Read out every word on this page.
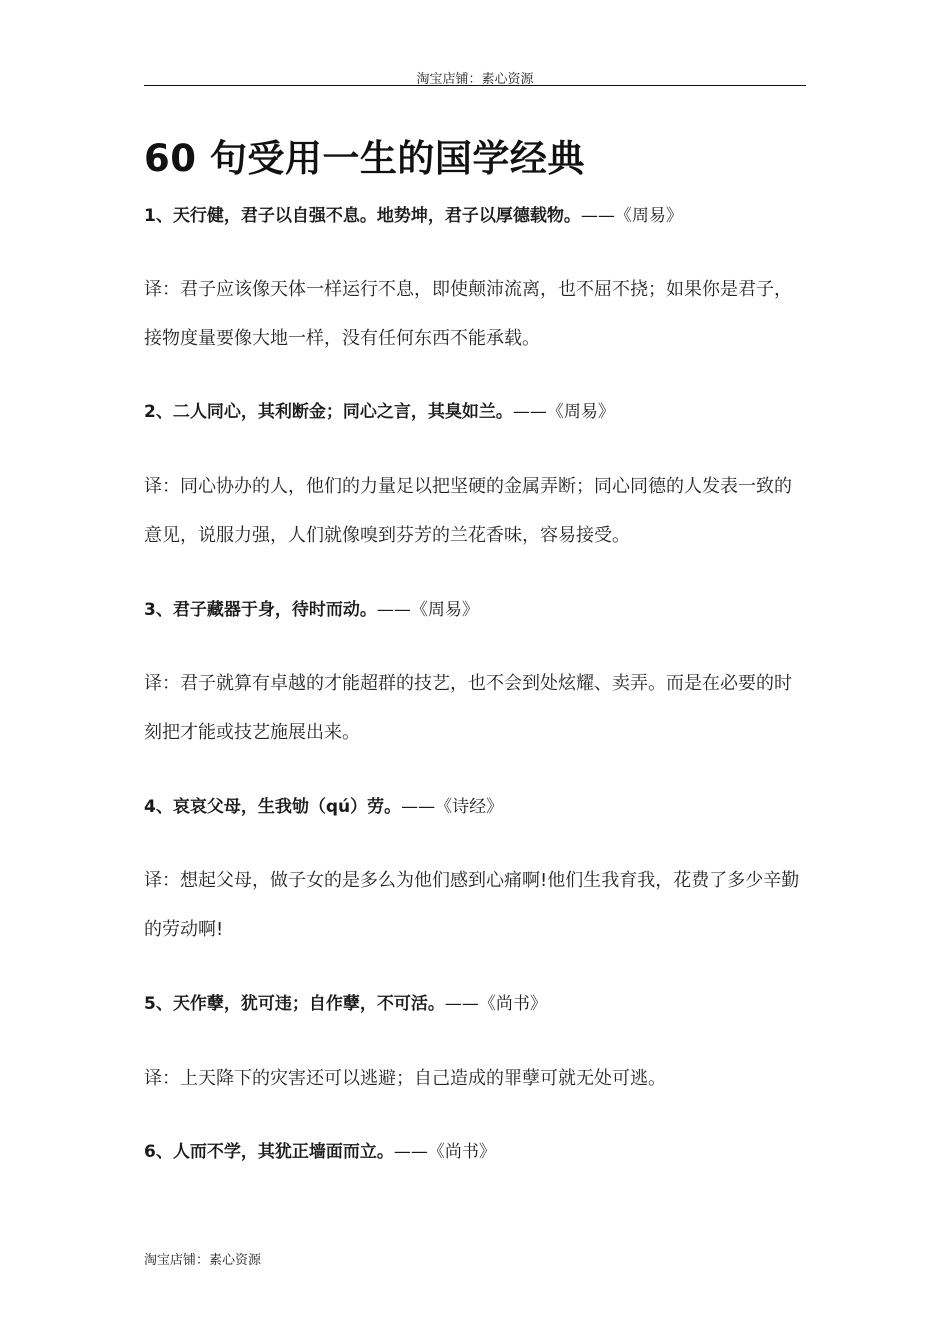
淘宝店铺：素心资源
60 句受用一生的国学经典

1、天行健，君子以自强不息。地势坤，君子以厚德载物。——《周易》

译：君子应该像天体一样运行不息，即使颠沛流离，也不屈不挠；如果你是君子，接物度量要像大地一样，没有任何东西不能承载。

2、二人同心，其利断金；同心之言，其臭如兰。——《周易》

译：同心协办的人，他们的力量足以把坚硬的金属弄断；同心同德的人发表一致的意见，说服力强，人们就像嗅到芬芳的兰花香味，容易接受。

3、君子藏器于身，待时而动。——《周易》

译：君子就算有卓越的才能超群的技艺，也不会到处炫耀、卖弄。而是在必要的时刻把才能或技艺施展出来。

4、哀哀父母，生我劬（qú）劳。——《诗经》

译：想起父母，做子女的是多么为他们感到心痛啊!他们生我育我，花费了多少辛勤的劳动啊!

5、天作孽，犹可违；自作孽，不可活。——《尚书》

译：上天降下的灾害还可以逃避；自己造成的罪孽可就无处可逃。

6、人而不学，其犹正墙面而立。——《尚书》

淘宝店铺：素心资源
